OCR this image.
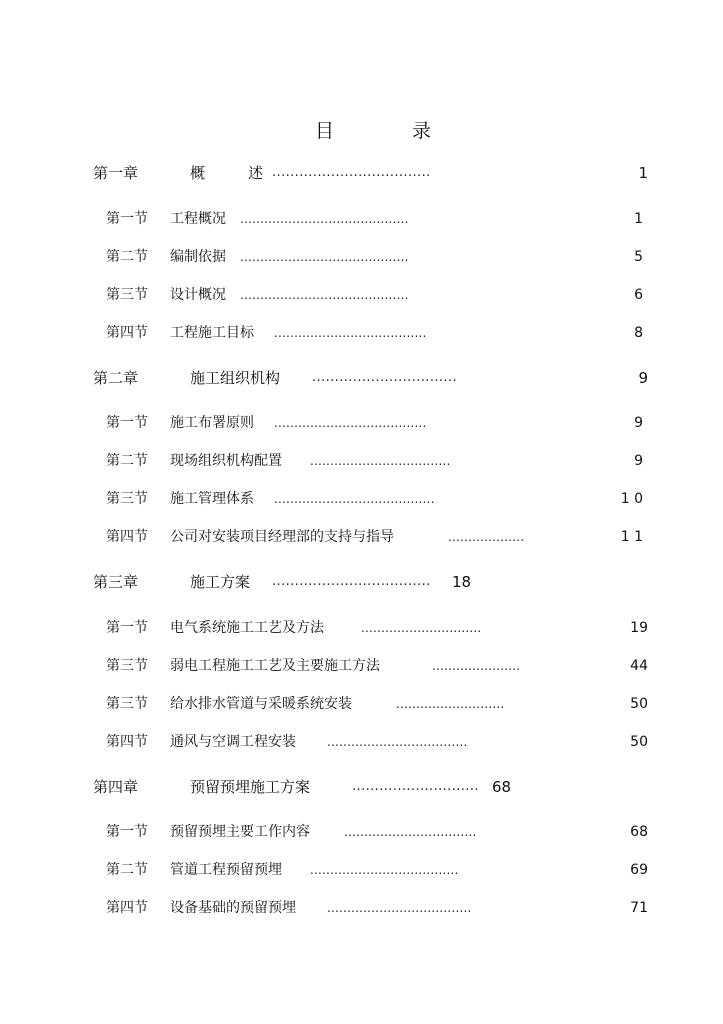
目	录
第一章	概	述 ...................................	1
第一节 工程概况 ..........................................	1
第二节 编制依据 ..........................................	5
第三节 设计概况 ..........................................	6
第四节 工程施工目标 ......................................	8
第二章	施工组织机构 ................................	9
第一节 施工布署原则 ......................................	9
第二节 现场组织机构配置 ...................................	9
第三节 施工管理体系 ........................................	1 0
第四节 公司对安装项目经理部的支持与指导	...................	1 1
第三章	施工方案 ................................... 18
第一节 电气系统施工工艺及方法	..............................	19
第三节 弱电工程施工工艺及主要施工方法	......................	44
第三节 给水排水管道与采暖系统安装	...........................	50
第四节 通风与空调工程安装	...................................	50
第四章	预留预埋施工方案	............................ 68
第一节 预留预埋主要工作内容	.................................	68
第二节 管道工程预留预埋 .....................................	69
第四节 设备基础的预留预埋	....................................	71
